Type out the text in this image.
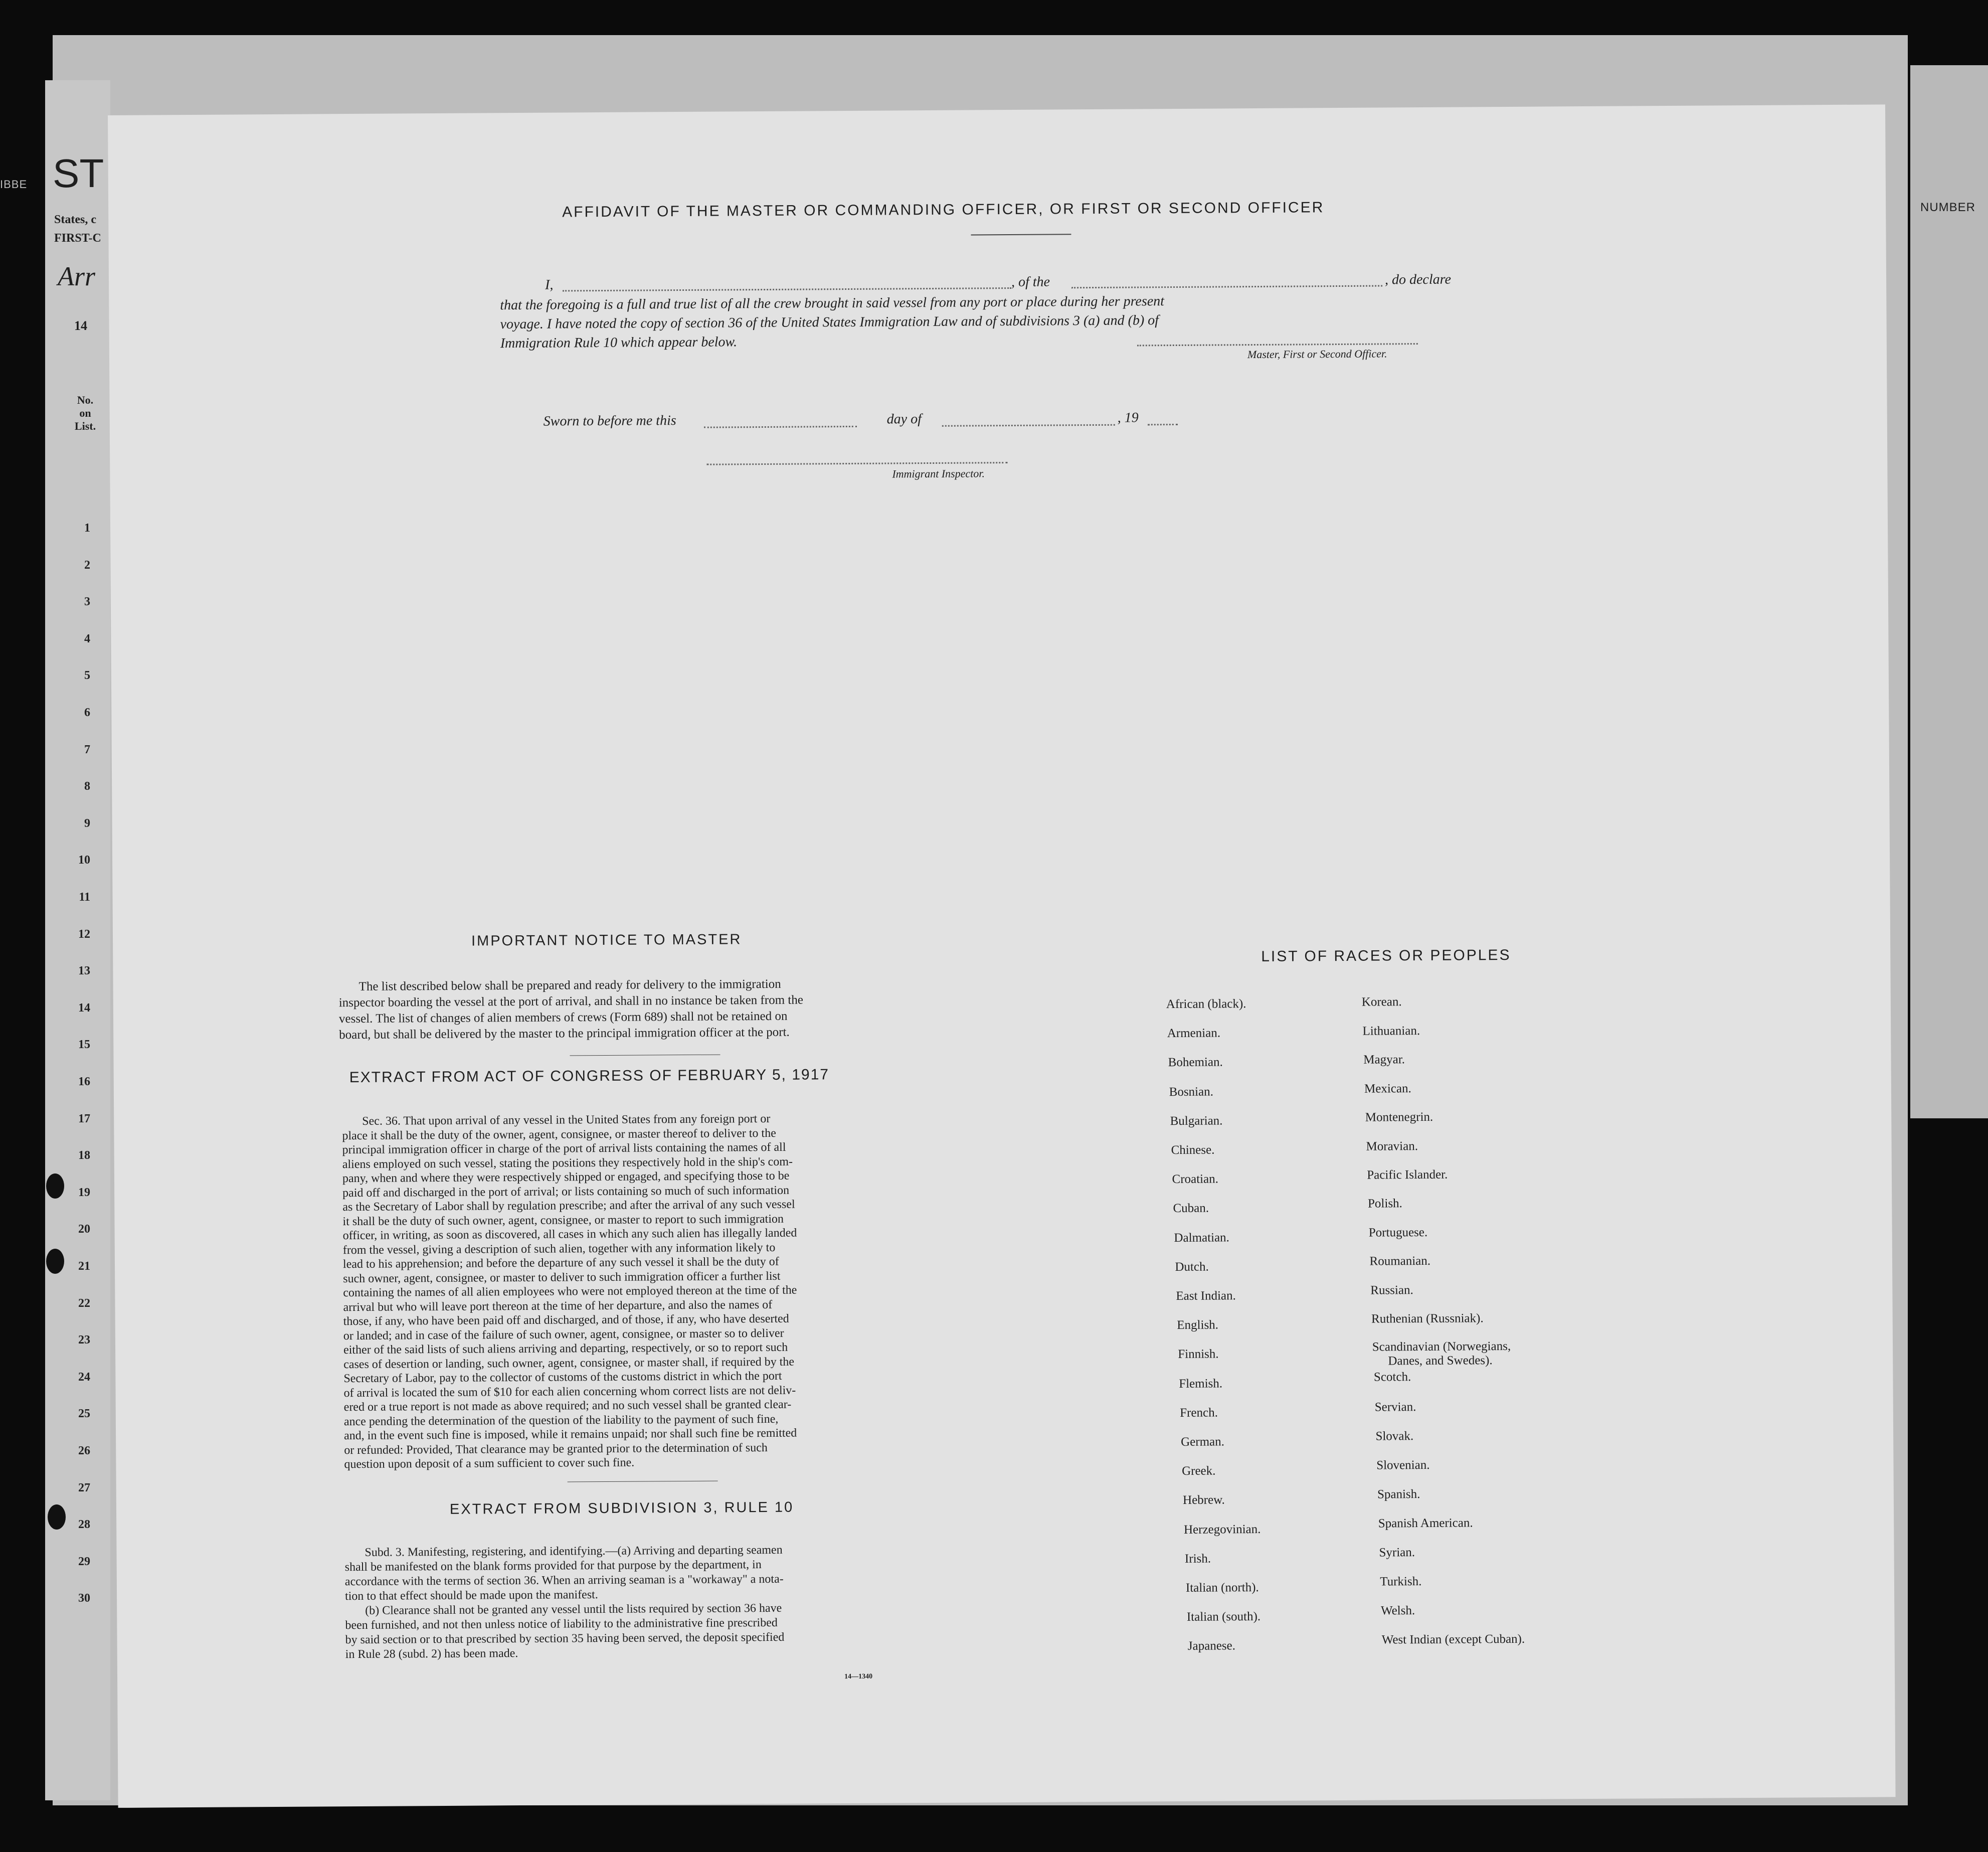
NUMBER
IBBE ST
States, c
FIRST-C
Arr
14
No. on List.
1
2
3
4
5
6
7
8
9
10
11
12
13
14
15
16
17
18
19
20
21
22
23
24
25
26
27
28
29
30

AFFIDAVIT OF THE MASTER OR COMMANDING OFFICER, OR FIRST OR SECOND OFFICER
I,	, of the	, do declare
that the foregoing is a full and true list of all the crew brought in said vessel from any port or place during her present
voyage. I have noted the copy of section 36 of the United States Immigration Law and of subdivisions 3 (a) and (b) of
Immigration Rule 10 which appear below.
Master, First or Second Officer.
Sworn to before me this	day of	, 19
Immigrant Inspector.
IMPORTANT NOTICE TO MASTER
The list described below shall be prepared and ready for delivery to the immigration
inspector boarding the vessel at the port of arrival, and shall in no instance be taken from the
vessel. The list of changes of alien members of crews (Form 689) shall not be retained on
board, but shall be delivered by the master to the principal immigration officer at the port.
EXTRACT FROM ACT OF CONGRESS OF FEBRUARY 5, 1917
Sec. 36. That upon arrival of any vessel in the United States from any foreign port or
place it shall be the duty of the owner, agent, consignee, or master thereof to deliver to the
principal immigration officer in charge of the port of arrival lists containing the names of all
aliens employed on such vessel, stating the positions they respectively hold in the ship's com-
pany, when and where they were respectively shipped or engaged, and specifying those to be
paid off and discharged in the port of arrival; or lists containing so much of such information
as the Secretary of Labor shall by regulation prescribe; and after the arrival of any such vessel
it shall be the duty of such owner, agent, consignee, or master to report to such immigration
officer, in writing, as soon as discovered, all cases in which any such alien has illegally landed
from the vessel, giving a description of such alien, together with any information likely to
lead to his apprehension; and before the departure of any such vessel it shall be the duty of
such owner, agent, consignee, or master to deliver to such immigration officer a further list
containing the names of all alien employees who were not employed thereon at the time of the
arrival but who will leave port thereon at the time of her departure, and also the names of
those, if any, who have been paid off and discharged, and of those, if any, who have deserted
or landed; and in case of the failure of such owner, agent, consignee, or master so to deliver
either of the said lists of such aliens arriving and departing, respectively, or so to report such
cases of desertion or landing, such owner, agent, consignee, or master shall, if required by the
Secretary of Labor, pay to the collector of customs of the customs district in which the port
of arrival is located the sum of $10 for each alien concerning whom correct lists are not deliv-
ered or a true report is not made as above required; and no such vessel shall be granted clear-
ance pending the determination of the question of the liability to the payment of such fine,
and, in the event such fine is imposed, while it remains unpaid; nor shall such fine be remitted
or refunded: Provided, That clearance may be granted prior to the determination of such
question upon deposit of a sum sufficient to cover such fine.
EXTRACT FROM SUBDIVISION 3, RULE 10
Subd. 3. Manifesting, registering, and identifying.—(a) Arriving and departing seamen
shall be manifested on the blank forms provided for that purpose by the department, in
accordance with the terms of section 36. When an arriving seaman is a "workaway" a nota-
tion to that effect should be made upon the manifest.
(b) Clearance shall not be granted any vessel until the lists required by section 36 have
been furnished, and not then unless notice of liability to the administrative fine prescribed
by said section or to that prescribed by section 35 having been served, the deposit specified
in Rule 28 (subd. 2) has been made.
14—1340
LIST OF RACES OR PEOPLES
African (black).
Armenian.
Bohemian.
Bosnian.
Bulgarian.
Chinese.
Croatian.
Cuban.
Dalmatian.
Dutch.
East Indian.
English.
Finnish.
Flemish.
French.
German.
Greek.
Hebrew.
Herzegovinian.
Irish.
Italian (north).
Italian (south).
Japanese.
Korean.
Lithuanian.
Magyar.
Mexican.
Montenegrin.
Moravian.
Pacific Islander.
Polish.
Portuguese.
Roumanian.
Russian.
Ruthenian (Russniak).
Scandinavian (Norwegians,
Danes, and Swedes).
Scotch.
Servian.
Slovak.
Slovenian.
Spanish.
Spanish American.
Syrian.
Turkish.
Welsh.
West Indian (except Cuban).
